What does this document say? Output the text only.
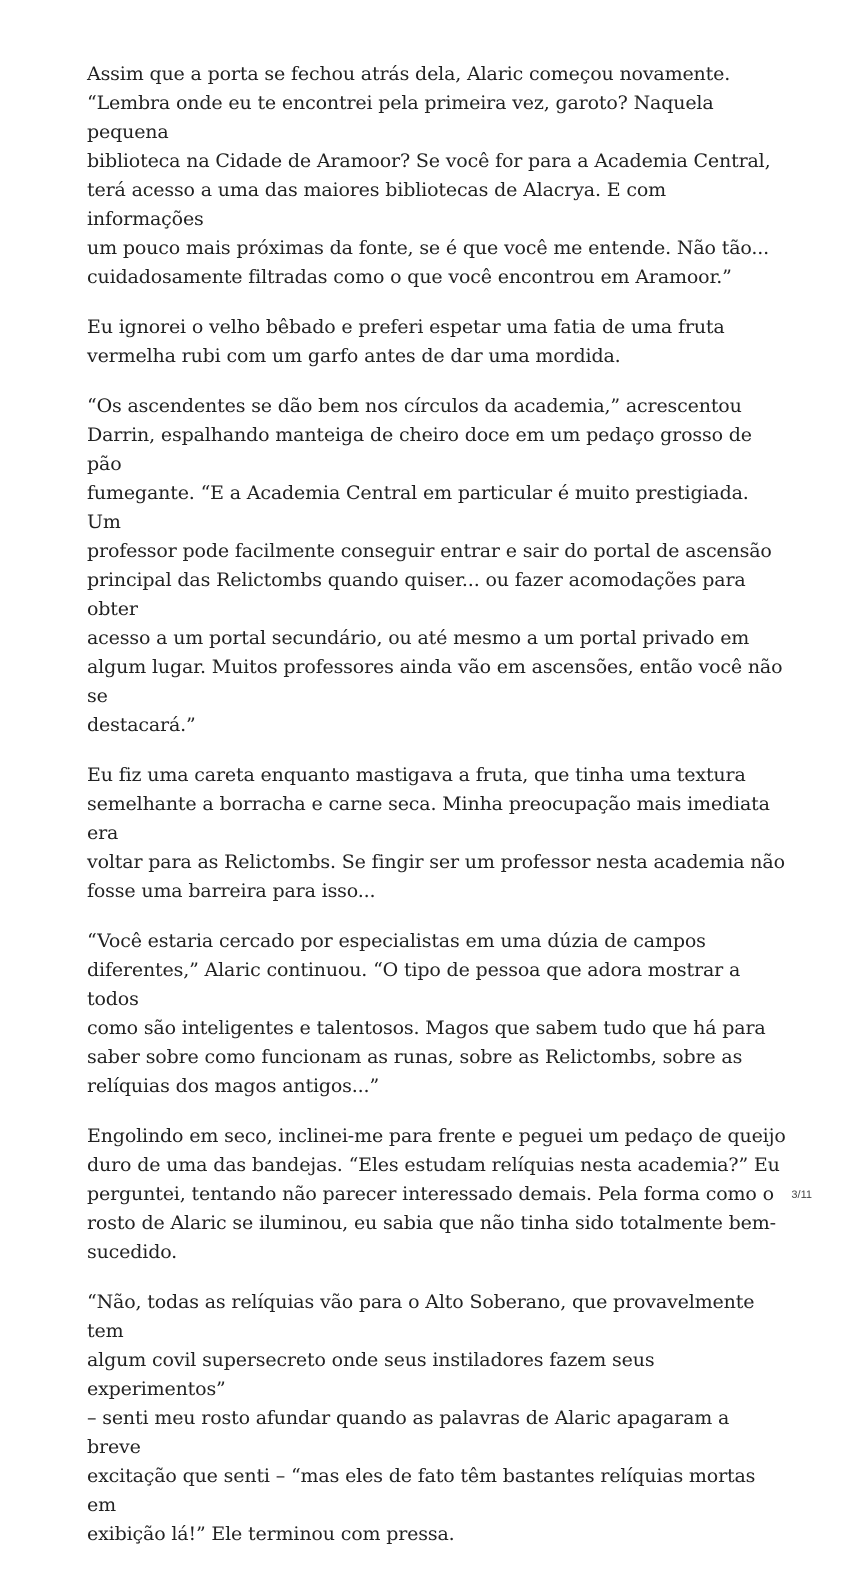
Assim que a porta se fechou atrás dela, Alaric começou novamente.
“Lembra onde eu te encontrei pela primeira vez, garoto? Naquela pequena
biblioteca na Cidade de Aramoor? Se você for para a Academia Central,
terá acesso a uma das maiores bibliotecas de Alacrya. E com informações
um pouco mais próximas da fonte, se é que você me entende. Não tão...
cuidadosamente filtradas como o que você encontrou em Aramoor.”

Eu ignorei o velho bêbado e preferi espetar uma fatia de uma fruta
vermelha rubi com um garfo antes de dar uma mordida.

“Os ascendentes se dão bem nos círculos da academia,” acrescentou
Darrin, espalhando manteiga de cheiro doce em um pedaço grosso de pão
fumegante. “E a Academia Central em particular é muito prestigiada. Um
professor pode facilmente conseguir entrar e sair do portal de ascensão
principal das Relictombs quando quiser... ou fazer acomodações para obter
acesso a um portal secundário, ou até mesmo a um portal privado em
algum lugar. Muitos professores ainda vão em ascensões, então você não se
destacará.”

Eu fiz uma careta enquanto mastigava a fruta, que tinha uma textura
semelhante a borracha e carne seca. Minha preocupação mais imediata era
voltar para as Relictombs. Se fingir ser um professor nesta academia não
fosse uma barreira para isso...

“Você estaria cercado por especialistas em uma dúzia de campos
diferentes,” Alaric continuou. “O tipo de pessoa que adora mostrar a todos
como são inteligentes e talentosos. Magos que sabem tudo que há para
saber sobre como funcionam as runas, sobre as Relictombs, sobre as
relíquias dos magos antigos...”

Engolindo em seco, inclinei-me para frente e peguei um pedaço de queijo
duro de uma das bandejas. “Eles estudam relíquias nesta academia?” Eu
perguntei, tentando não parecer interessado demais. Pela forma como o
rosto de Alaric se iluminou, eu sabia que não tinha sido totalmente bem-
sucedido.

“Não, todas as relíquias vão para o Alto Soberano, que provavelmente tem
algum covil supersecreto onde seus instiladores fazem seus experimentos”
– senti meu rosto afundar quando as palavras de Alaric apagaram a breve
excitação que senti – “mas eles de fato têm bastantes relíquias mortas em
exibição lá!” Ele terminou com pressa.

3/11
